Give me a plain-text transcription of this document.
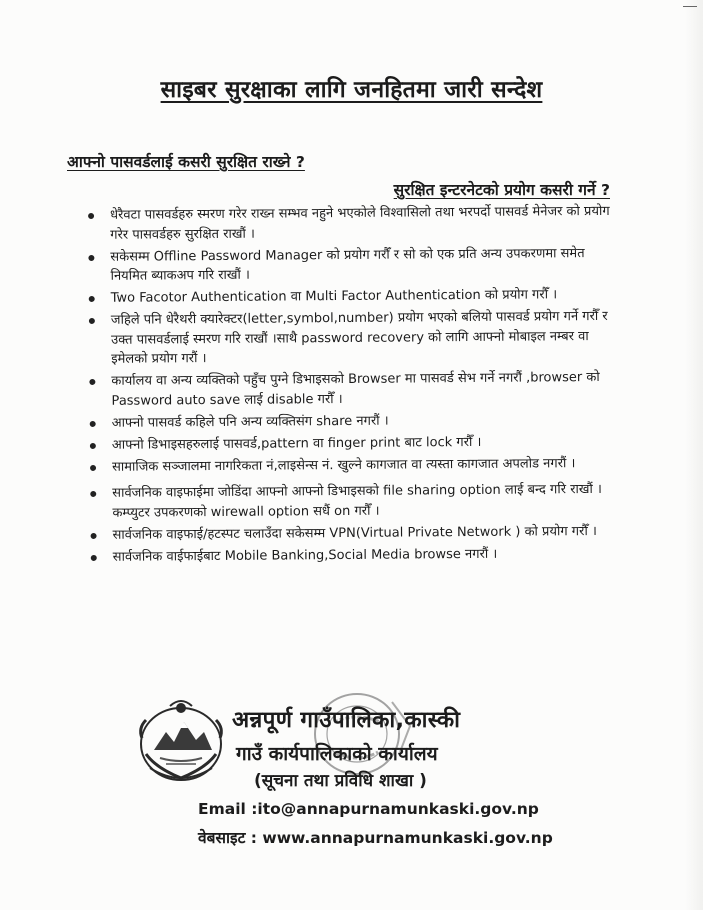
साइबर सुरक्षाका लागि जनहितमा जारी सन्देश
आफ्नो पासवर्डलाई कसरी सुरक्षित राख्ने ?
सुरक्षित इन्टरनेटको प्रयोग कसरी गर्ने ?
धेरैवटा पासवर्डहरु स्मरण गरेर राख्न सम्भव नहुने भएकोले विश्वासिलो तथा भरपर्दो पासवर्ड मेनेजर को प्रयोग गरेर पासवर्डहरु सुरक्षित राखौं ।
सकेसम्म Offline Password Manager को प्रयोग गरौँ र सो को एक प्रति अन्य उपकरणमा समेत नियमित ब्याकअप गरि राखौं ।
Two Facotor Authentication वा Multi Factor Authentication को प्रयोग गरौँ ।
जहिले पनि धेरैथरी क्यारेक्टर(letter,symbol,number) प्रयोग भएको बलियो पासवर्ड प्रयोग गर्ने गरौँ र उक्त पासवर्डलाई स्मरण गरि राखौं ।साथै password recovery को लागि आफ्नो मोबाइल नम्बर वा इमेलको प्रयोग गरौं ।
कार्यालय वा अन्य व्यक्तिको पहुँच पुग्ने डिभाइसको Browser मा पासवर्ड सेभ गर्ने नगरौं ,browser को Password auto save लाई disable गरौँ ।
आफ्नो पासवर्ड कहिले पनि अन्य व्यक्तिसंग share नगरौं ।
आफ्नो डिभाइसहरुलाई पासवर्ड,pattern वा finger print बाट lock गरौँ ।
सामाजिक सञ्जालमा नागरिकता नं,लाइसेन्स नं. खुल्ने कागजात वा त्यस्ता कागजात अपलोड नगरौं ।
सार्वजनिक वाइफाईमा जोडिंदा आफ्नो आफ्नो डिभाइसको file sharing option लाई बन्द गरि राखौं ।कम्प्युटर उपकरणको wirewall option सधैं on गरौँ ।
सार्वजनिक वाइफाई/हटस्पट चलाउँदा सकेसम्म VPN(Virtual Private Network ) को प्रयोग गरौँ ।
सार्वजनिक वाईफाईबाट Mobile Banking,Social Media browse नगरौं ।
अन्नपूर्ण गाउँपालिका,कास्की
गाउँ कार्यपालिकाको कार्यालय
(सूचना तथा प्रविधि शाखा )
Email :ito@annapurnamunkaski.gov.np
वेबसाइट : www.annapurnamunkaski.gov.np
